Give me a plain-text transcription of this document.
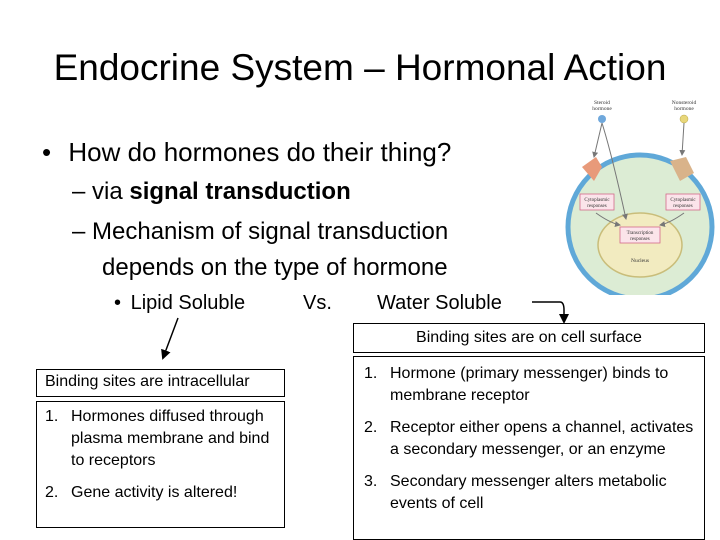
Endocrine System – Hormonal Action
• How do hormones do their thing?
– via signal transduction
– Mechanism of signal transduction
depends on the type of hormone
• Lipid Soluble	Vs. Water Soluble
Binding sites are on cell surface
1. Hormone (primary messenger) binds to membrane receptor
2. Receptor either opens a channel, activates a secondary messenger, or an enzyme
3. Secondary messenger alters metabolic events of cell
Binding sites are intracellular
1. Hormones diffused through plasma membrane and bind to receptors
2. Gene activity is altered!
Steroid hormone
Nonsteroid hormone
Cytoplasmic responses
Cytoplasmic responses
Transcription responses
Nucleus
